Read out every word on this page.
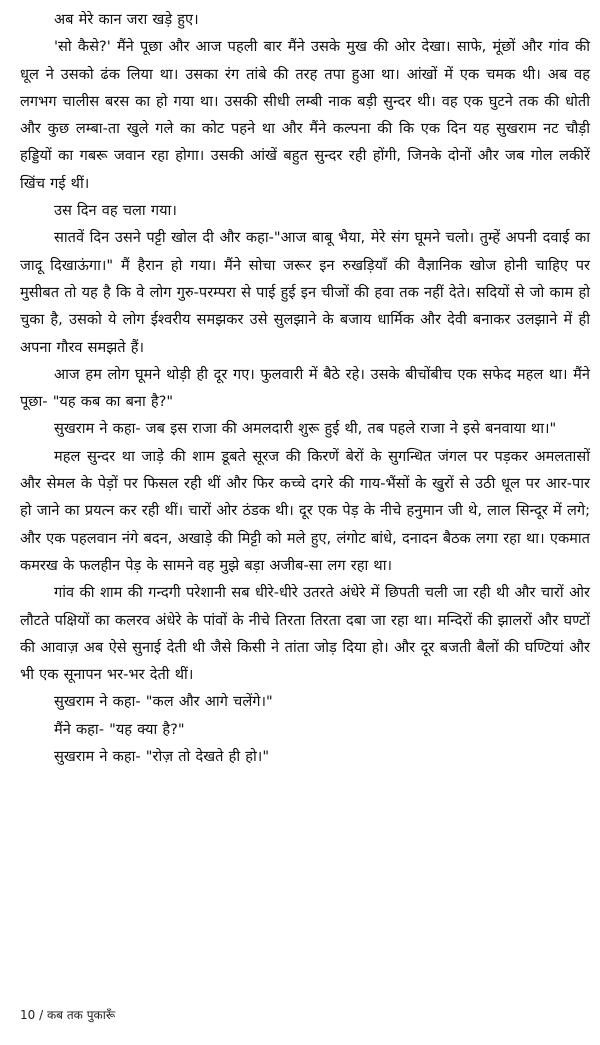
अब मेरे कान जरा खड़े हुए।

'सो कैसे?' मैंने पूछा और आज पहली बार मैंने उसके मुख की ओर देखा। साफे, मूंछों और गांव की धूल ने उसको ढंक लिया था। उसका रंग तांबे की तरह तपा हुआ था। आंखों में एक चमक थी। अब वह लगभग चालीस बरस का हो गया था। उसकी सीधी लम्बी नाक बड़ी सुन्दर थी। वह एक घुटने तक की धोती और कुछ लम्बा-ता खुले गले का कोट पहने था और मैंने कल्पना की कि एक दिन यह सुखराम नट चौड़ी हड्डियों का गबरू जवान रहा होगा। उसकी आंखें बहुत सुन्दर रही होंगी, जिनके दोनों और जब गोल लकीरें खिंच गई थीं।

उस दिन वह चला गया।

सातवें दिन उसने पट्टी खोल दी और कहा-"आज बाबू भैया, मेरे संग घूमने चलो। तुम्हें अपनी दवाई का जादू दिखाऊंगा।" मैं हैरान हो गया। मैंने सोचा जरूर इन रुखड़ियाँ की वैज्ञानिक खोज होनी चाहिए पर मुसीबत तो यह है कि वे लोग गुरु-परम्परा से पाई हुई इन चीजों की हवा तक नहीं देते। सदियों से जो काम हो चुका है, उसको ये लोग ईश्वरीय समझकर उसे सुलझाने के बजाय धार्मिक और देवी बनाकर उलझाने में ही अपना गौरव समझते हैं।

आज हम लोग घूमने थोड़ी ही दूर गए। फुलवारी में बैठे रहे। उसके बीचोंबीच एक सफेद महल था। मैंने पूछा- "यह कब का बना है?"

सुखराम ने कहा- जब इस राजा की अमलदारी शुरू हुई थी, तब पहले राजा ने इसे बनवाया था।"

महल सुन्दर था जाड़े की शाम डूबते सूरज की किरणें बेरों के सुगन्धित जंगल पर पड़कर अमलतासों और सेमल के पेड़ों पर फिसल रही थीं और फिर कच्चे दगरे की गाय-भैंसों के खुरों से उठी धूल पर आर-पार हो जाने का प्रयत्न कर रही थीं। चारों ओर ठंडक थी। दूर एक पेड़ के नीचे हनुमान जी थे, लाल सिन्दूर में लगे; और एक पहलवान नंगे बदन, अखाड़े की मिट्टी को मले हुए, लंगोट बांधे, दनादन बैठक लगा रहा था। एकमात कमरख के फलहीन पेड़ के सामने वह मुझे बड़ा अजीब-सा लग रहा था।

गांव की शाम की गन्दगी परेशानी सब धीरे-धीरे उतरते अंधेरे में छिपती चली जा रही थी और चारों ओर लौटते पक्षियों का कलरव अंधेरे के पांवों के नीचे तिरता तिरता दबा जा रहा था। मन्दिरों की झालरों और घण्टों की आवाज़ अब ऐसे सुनाई देती थी जैसे किसी ने तांता जोड़ दिया हो। और दूर बजती बैलों की घण्टियां और भी एक सूनापन भर-भर देती थीं।

सुखराम ने कहा- "कल और आगे चलेंगे।"

मैंने कहा- "यह क्या है?"

सुखराम ने कहा- "रोज़ तो देखते ही हो।"

10 / कब तक पुकारूँ
